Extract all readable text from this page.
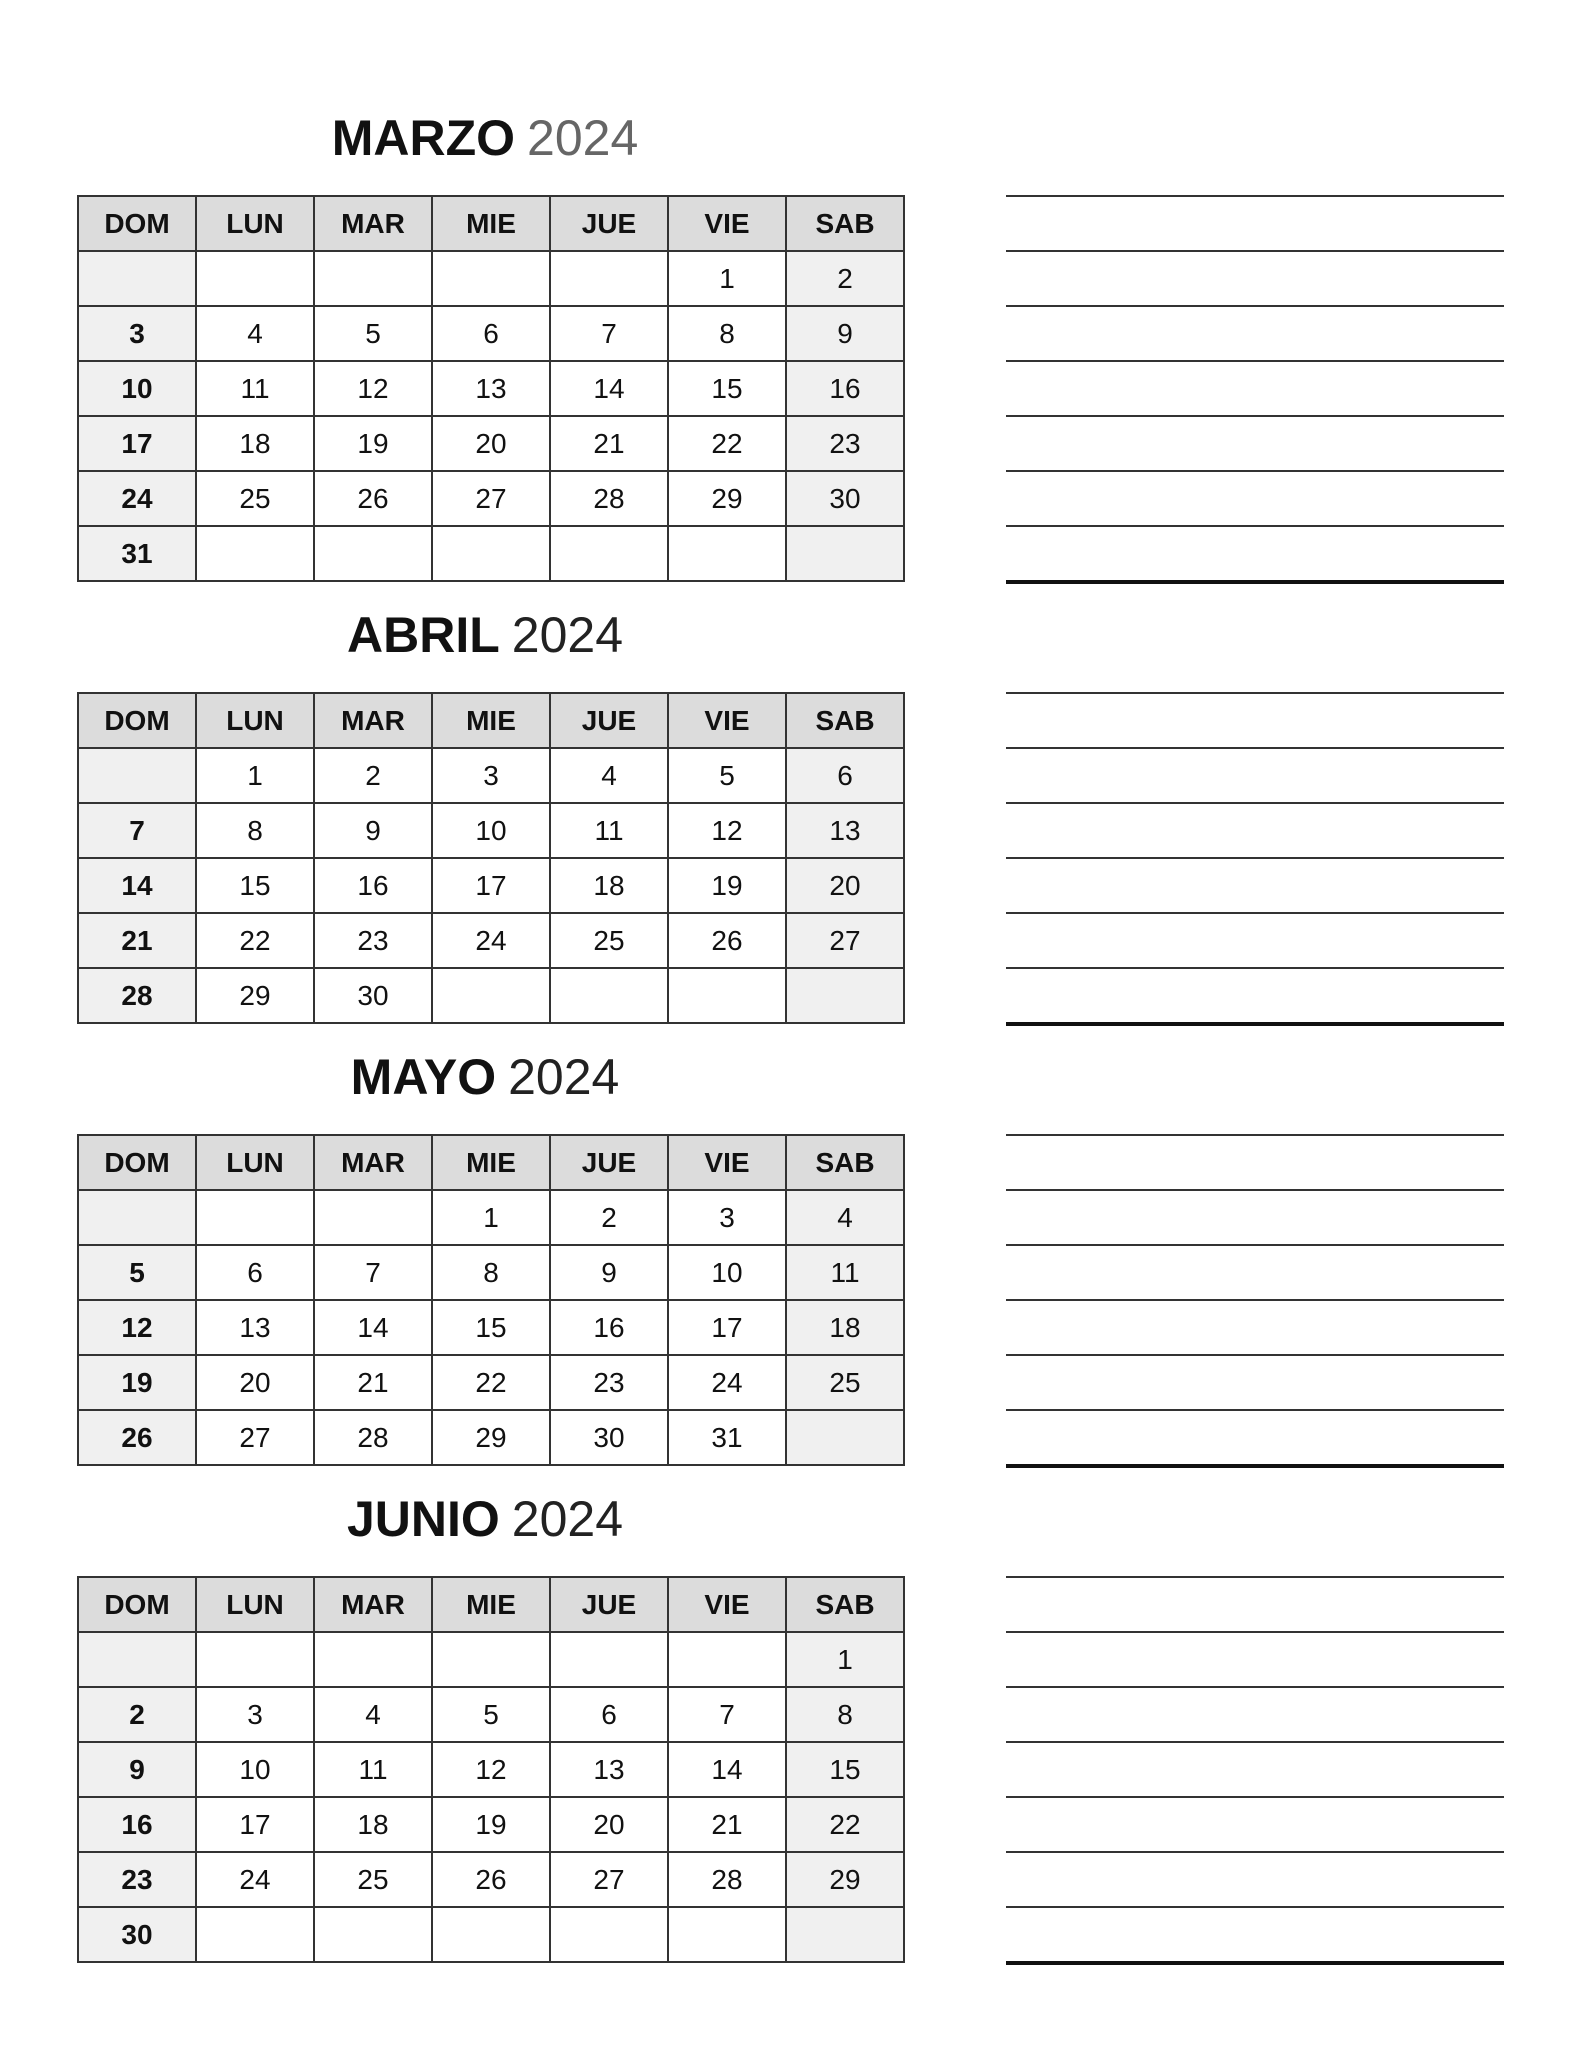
MARZO 2024
DOM	LUN	MAR	MIE	JUE	VIE	SAB
					1	2
3	4	5	6	7	8	9
10	11	12	13	14	15	16
17	18	19	20	21	22	23
24	25	26	27	28	29	30
31						
ABRIL 2024
DOM	LUN	MAR	MIE	JUE	VIE	SAB
	1	2	3	4	5	6
7	8	9	10	11	12	13
14	15	16	17	18	19	20
21	22	23	24	25	26	27
28	29	30				
MAYO 2024
DOM	LUN	MAR	MIE	JUE	VIE	SAB
			1	2	3	4
5	6	7	8	9	10	11
12	13	14	15	16	17	18
19	20	21	22	23	24	25
26	27	28	29	30	31	
JUNIO 2024
DOM	LUN	MAR	MIE	JUE	VIE	SAB
						1
2	3	4	5	6	7	8
9	10	11	12	13	14	15
16	17	18	19	20	21	22
23	24	25	26	27	28	29
30						
